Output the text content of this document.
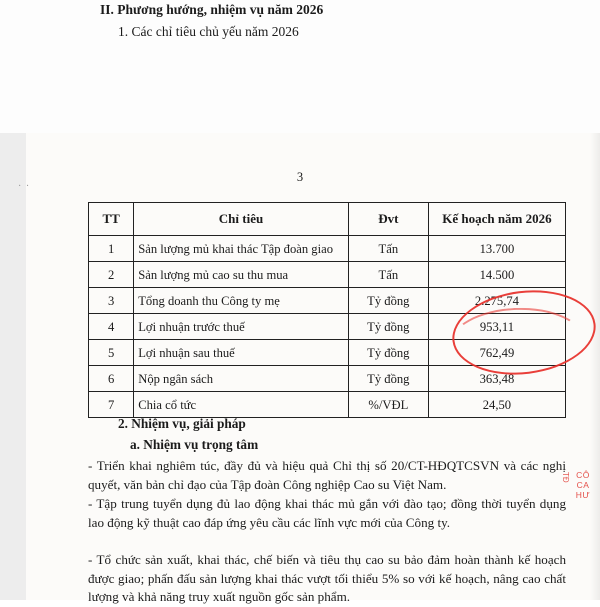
II. Phương hướng, nhiệm vụ năm 2026
1. Các chỉ tiêu chủ yếu năm 2026
· ·
3
TT	Chỉ tiêu	Đvt	Kế hoạch năm 2026
1	Sản lượng mủ khai thác Tập đoàn giao	Tấn	13.700
2	Sản lượng mủ cao su thu mua	Tấn	14.500
3	Tổng doanh thu Công ty mẹ	Tỷ đồng	2.275,74
4	Lợi nhuận trước thuế	Tỷ đồng	953,11
5	Lợi nhuận sau thuế	Tỷ đồng	762,49
6	Nộp ngân sách	Tỷ đồng	363,48
7	Chia cổ tức	%/VĐL	24,50
2. Nhiệm vụ, giải pháp
a. Nhiệm vụ trọng tâm
- Triển khai nghiêm túc, đầy đủ và hiệu quả Chỉ thị số 20/CT-HĐQTCSVN và các nghị quyết, văn bản chỉ đạo của Tập đoàn Công nghiệp Cao su Việt Nam.
- Tập trung tuyển dụng đủ lao động khai thác mủ gắn với đào tạo; đồng thời tuyển dụng lao động kỹ thuật cao đáp ứng yêu cầu các lĩnh vực mới của Công ty.
- Tổ chức sản xuất, khai thác, chế biến và tiêu thụ cao su bảo đảm hoàn thành kế hoạch được giao; phấn đấu sản lượng khai thác vượt tối thiểu 5% so với kế hoạch, nâng cao chất lượng và khả năng truy xuất nguồn gốc sản phẩm.
TĐ CÔ
CA
HƯ
